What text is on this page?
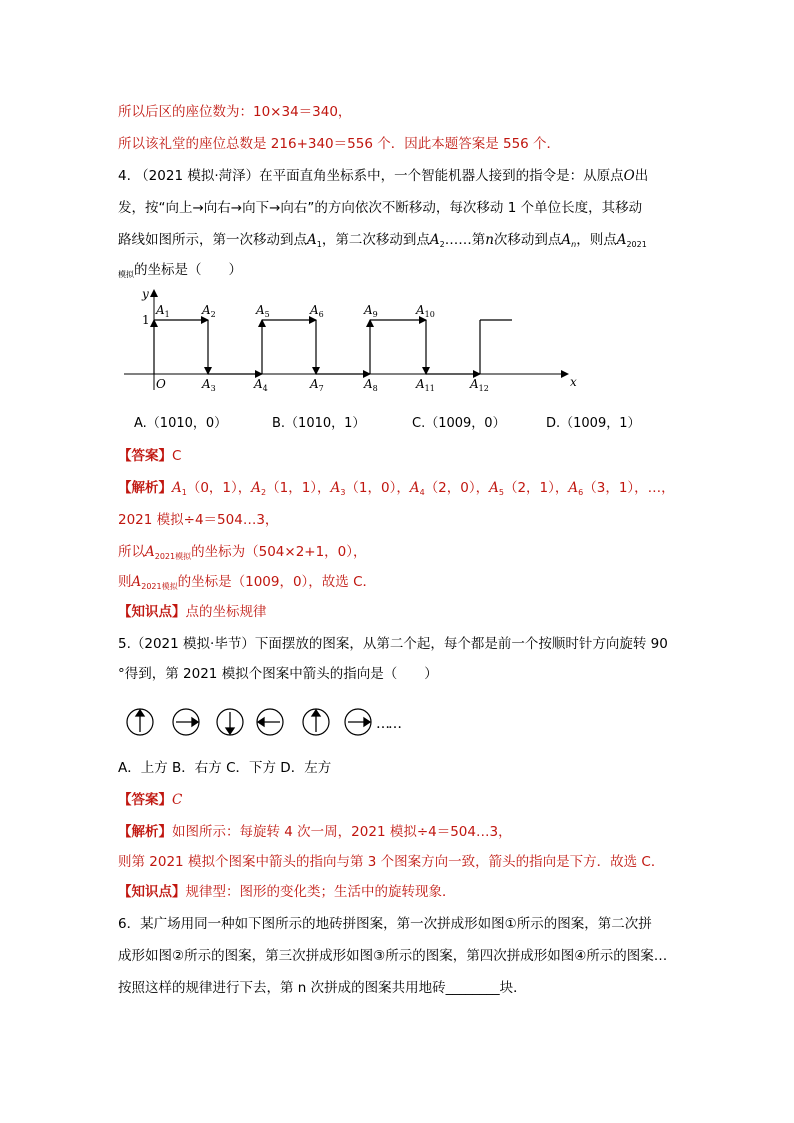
所以后区的座位数为：10×34＝340，
所以该礼堂的座位总数是 216+340＝556 个．因此本题答案是 556 个．
4. （2021 模拟·菏泽）在平面直角坐标系中，一个智能机器人接到的指令是：从原点O出
发，按“向上→向右→向下→向右”的方向依次不断移动，每次移动 1 个单位长度，其移动
路线如图所示，第一次移动到点$A_1$，第二次移动到点$A_2\dots\dots$第n次移动到点$A_n$，则点$A_{2021}$
$_{模拟}$的坐标是（　　）
y
x
O
1
$A_1$	$A_2$
$A_3$	$A_4$
$A_5$	$A_6$
$A_7$	$A_8$
$A_9$	$A_{10}$
$A_{11}$	$A_{12}$
A.（1010，0）	B.（1010，1）	C.（1009，0）	D.（1009，1）
【答案】C
【解析】$A_1(0$，1），$A_2(1$，1），$A_3(1$，0），$A_4(2$，0），$A_5(2$，1），$A_6(3$，1），…，
2021 模拟÷4＝504…3，
所以$A_{2021模拟}$的坐标为（504×2+1，0），
则$A_{2021模拟}$的坐标是（1009，0），故选 C．
【知识点】点的坐标规律
5.（2021 模拟·毕节）下面摆放的图案，从第二个起，每个都是前一个按顺时针方向旋转 90
°得到，第 2021 模拟个图案中箭头的指向是（　　）
…
…
A．上方 B．右方 C．下方 D．左方
【答案】C
【解析】如图所示：每旋转 4 次一周，2021 模拟÷4＝504…3，
则第 2021 模拟个图案中箭头的指向与第 3 个图案方向一致，箭头的指向是下方．故选 C．
【知识点】规律型：图形的变化类；生活中的旋转现象．
6．某广场用同一种如下图所示的地砖拼图案，第一次拼成形如图①所示的图案，第二次拼
成形如图②所示的图案，第三次拼成形如图③所示的图案，第四次拼成形如图④所示的图案…
按照这样的规律进行下去，第 n 次拼成的图案共用地砖________块．
